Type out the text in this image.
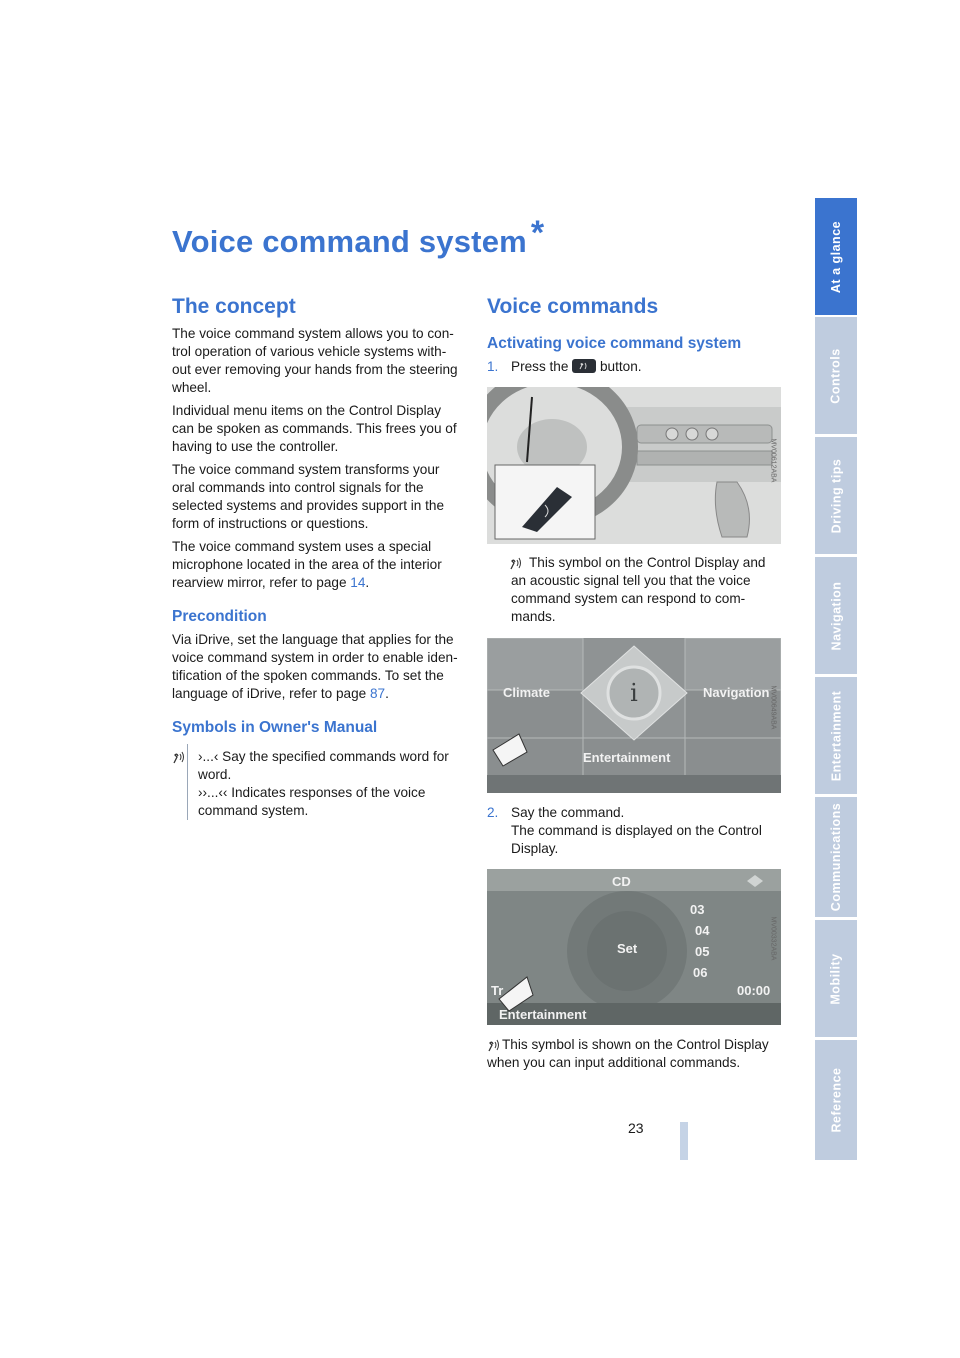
Voice command system *
The concept
The voice command system allows you to con-
trol operation of various vehicle systems with-
out ever removing your hands from the steering
wheel.
Individual menu items on the Control Display
can be spoken as commands. This frees you of
having to use the controller.
The voice command system transforms your
oral commands into control signals for the
selected systems and provides support in the
form of instructions or questions.
The voice command system uses a special
microphone located in the area of the interior
rearview mirror, refer to page 14.
Precondition
Via iDrive, set the language that applies for the
voice command system in order to enable iden-
tification of the spoken commands. To set the
language of iDrive, refer to page 87.
Symbols in Owner's Manual
›...‹ Say the specified commands word for
word.
››...‹‹ Indicates responses of the voice
command system.
Voice commands
Activating voice command system
1. Press the
button.
MV00612ABA
This symbol on the Control Display and
an acoustic signal tell you that the voice
command system can respond to com-
mands.
i
Climate	Navigation
Entertainment
MV00649ABA
2. Say the command.
The command is displayed on the Control
Display.
CD
03
04
05
06
Set
Tr	00:00
Entertainment
MV00332ABA
This symbol is shown on the Control Display
when you can input additional commands.
23
At a glance
Controls
Driving tips
Navigation
Entertainment
Communications
Mobility
Reference
